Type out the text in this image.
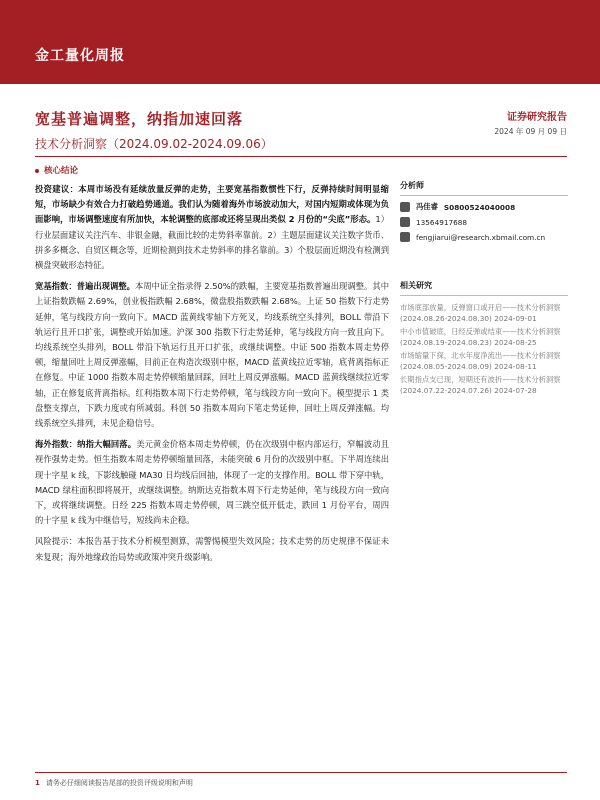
金工量化周报
宽基普遍调整，纳指加速回落	证券研究报告
2024 年 09 月 09 日
技术分析洞察（2024.09.02-2024.09.06）
核心结论

投资建议：本周市场没有延续放量反弹的走势，主要宽基指数惯性下行，反弹持续时间明显缩短，市场缺少有效合力打破趋势通道。我们认为随着海外市场波动加大，对国内短期或体现为负面影响，市场调整速度有所加快，本轮调整的底部或还将呈现出类似 2 月份的“尖底”形态。1）行业层面建议关注汽车、非银金融，截面比较的走势斜率靠前。2）主题层面建议关注数字货币、拼多多概念、自贸区概念等，近期检测到技术走势斜率的排名靠前。3）个股层面近期没有检测到横盘突破形态特征。

宽基指数：普遍出现调整。本周中证全指录得 2.50%的跌幅，主要宽基指数普遍出现调整。其中上证指数跌幅 2.69%，创业板指跌幅 2.68%，微盘股指数跌幅 2.68%。上证 50 指数下行走势延伸，笔与线段方向一致向下。MACD 蓝黄线零轴下方死叉，均线系统空头排列，BOLL 带沿下轨运行且开口扩张，调整或开始加速。沪深 300 指数下行走势延伸，笔与线段方向一致且向下。均线系统空头排列，BOLL 带沿下轨运行且开口扩张，或继续调整。中证 500 指数本周走势停顿，缩量回吐上周反弹涨幅，目前正在构造次级别中枢，MACD 蓝黄线拉近零轴，底背离指标正在修复。中证 1000 指数本周走势停顿缩量回踩，回吐上周反弹涨幅。MACD 蓝黄线继续拉近零轴，正在修复底背离指标。红利指数本周下行走势停顿，笔与线段方向一致向下。模型提示 1 类盘整支撑点，下跌力度或有所减弱。科创 50 指数本周向下笔走势延伸，回吐上周反弹涨幅。均线系统空头排列，未见企稳信号。

海外指数：纳指大幅回落。美元黄金价格本周走势停顿，仍在次级别中枢内部运行，窄幅波动且视作强势走势。恒生指数本周走势停顿缩量回落，未能突破 6 月份的次级别中枢。下半周连续出现十字星 k 线，下影线触碰 MA30 日均线后回抽，体现了一定的支撑作用。BOLL 带下穿中轨，MACD 绿柱面积即将展开，或继续调整。纳斯达克指数本周下行走势延伸，笔与线段方向一致向下，或将继续调整。日经 225 指数本周走势停顿，周三跳空低开低走，跌回 1 月份平台，周四的十字星 k 线为中继信号，短线尚未企稳。

风险提示：本报告基于技术分析模型测算，需警惕模型失效风险；技术走势的历史规律不保证未来复现；海外地缘政治局势或政策冲突升级影响。

分析师
冯佳睿 S0800524040008
13564917688
fengjiarui@research.xbmail.com.cn
相关研究
市场底部放量，反弹窗口或开启——技术分析洞察(2024.08.26-2024.08.30) 2024-09-01
中小市值破底，日经反弹或结束——技术分析洞察(2024.08.19-2024.08.23) 2024-08-25
市场缩量下探，北水年度净流出——技术分析洞察(2024.08.05-2024.08.09) 2024-08-11
长期指点支已现，短期还有波折——技术分析洞察(2024.07.22-2024.07.26) 2024-07-28
1 请务必仔细阅读报告尾部的投资评级说明和声明
